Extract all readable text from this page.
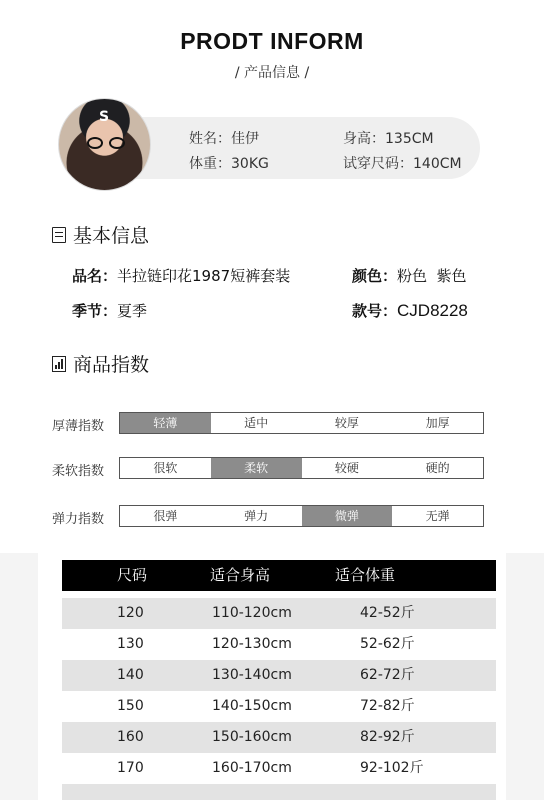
PRODT INFORM
/ 产品信息 /
S
姓名：佳伊	身高：135CM
体重：30KG	试穿尺码：140CM
基本信息
品名：半拉链印花1987短裤套装	颜色：粉色  紫色
季节：夏季	款号：CJD8228
商品指数
厚薄指数	轻薄	适中	较厚	加厚
柔软指数	很软	柔软	较硬	硬的
弹力指数	很弹	弹力	微弹	无弹
尺码	适合身高	适合体重
120	110-120cm	42-52斤
130	120-130cm	52-62斤
140	130-140cm	62-72斤
150	140-150cm	72-82斤
160	150-160cm	82-92斤
170	160-170cm	92-102斤
